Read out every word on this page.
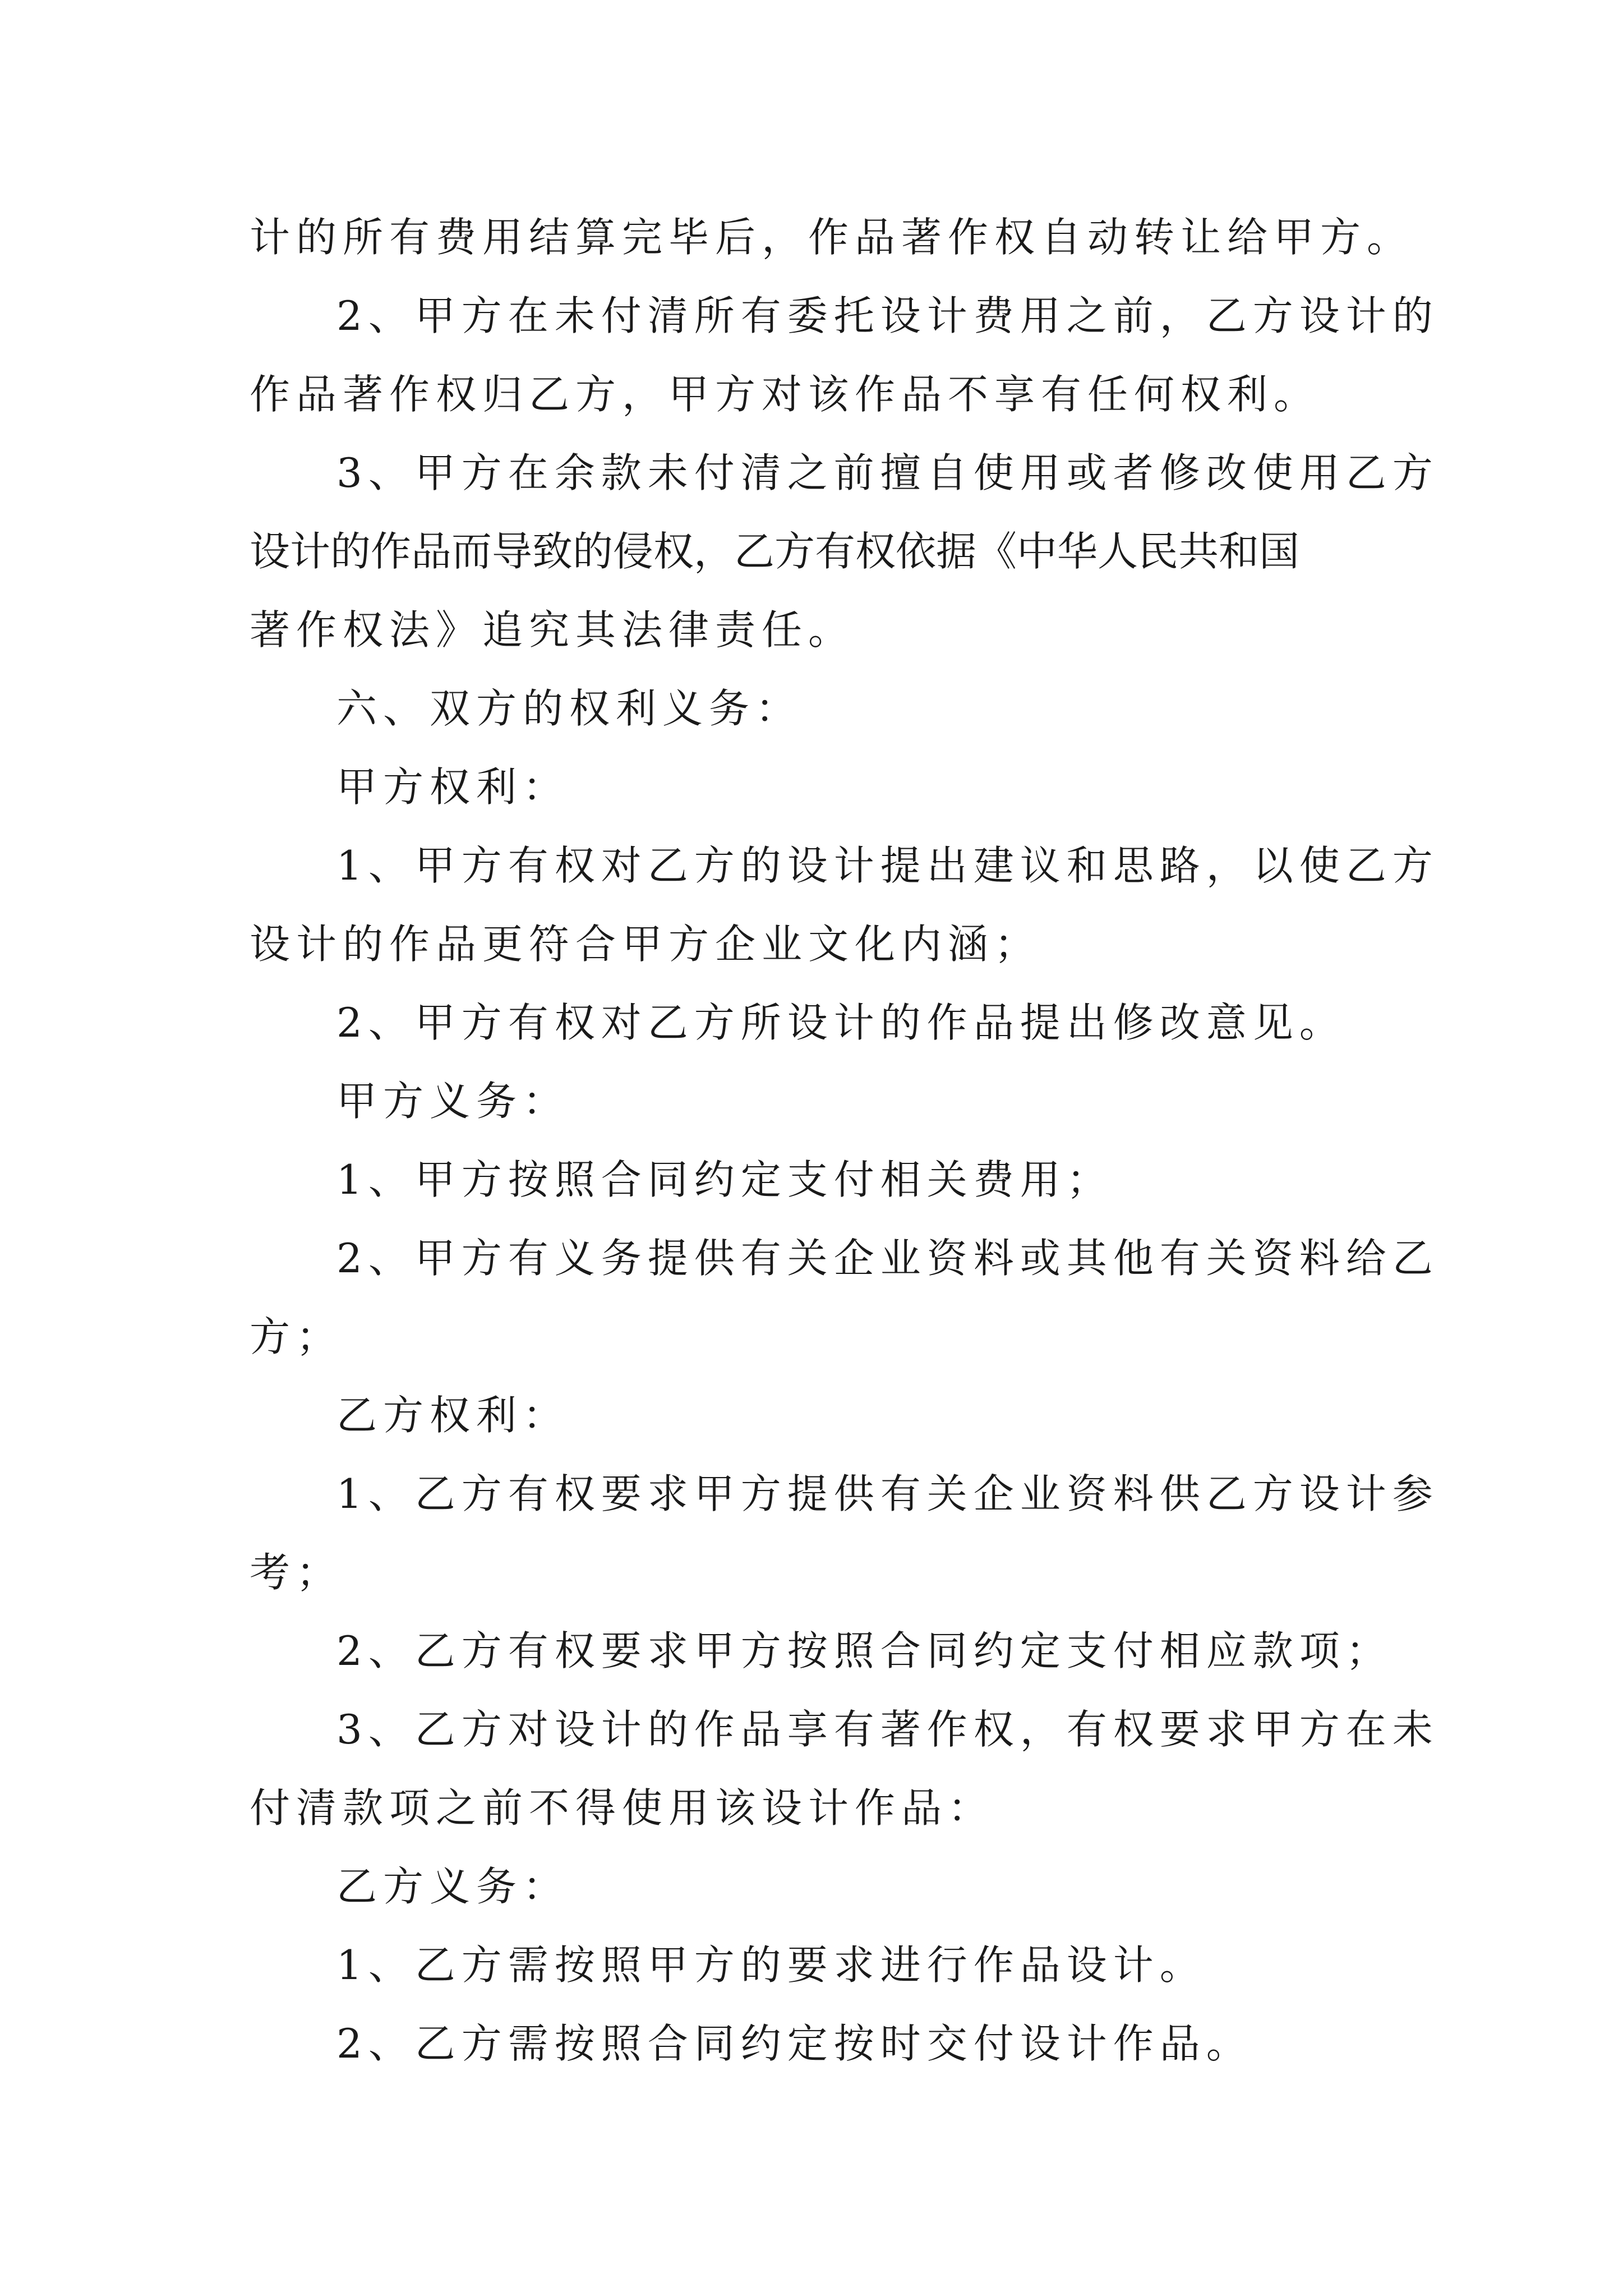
计的所有费用结算完毕后，作品著作权自动转让给甲方。

2、甲方在未付清所有委托设计费用之前，乙方设计的

作品著作权归乙方，甲方对该作品不享有任何权利。

3、甲方在余款未付清之前擅自使用或者修改使用乙方

设计的作品而导致的侵权，乙方有权依据《中华人民共和国

著作权法》追究其法律责任。

六、双方的权利义务：

甲方权利：

1、甲方有权对乙方的设计提出建议和思路，以使乙方

设计的作品更符合甲方企业文化内涵；

2、甲方有权对乙方所设计的作品提出修改意见。

甲方义务：

1、甲方按照合同约定支付相关费用；

2、甲方有义务提供有关企业资料或其他有关资料给乙

方；

乙方权利：

1、乙方有权要求甲方提供有关企业资料供乙方设计参

考；

2、乙方有权要求甲方按照合同约定支付相应款项；

3、乙方对设计的作品享有著作权，有权要求甲方在未

付清款项之前不得使用该设计作品：

乙方义务：

1、乙方需按照甲方的要求进行作品设计。

2、乙方需按照合同约定按时交付设计作品。
